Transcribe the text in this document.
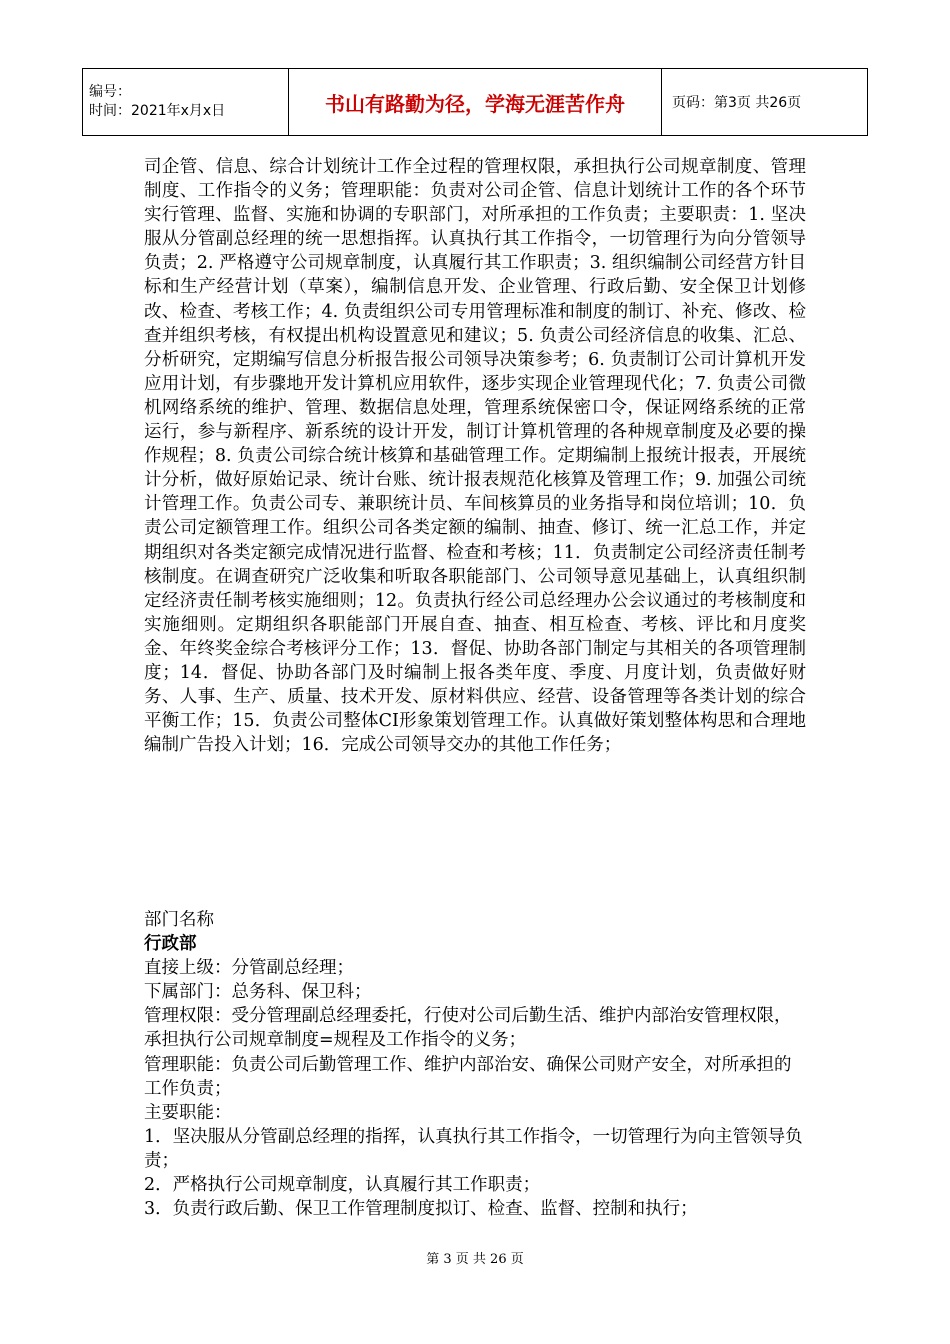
编号：
时间：2021年x月x日	书山有路勤为径，学海无涯苦作舟	页码：第3页 共26页

司企管、信息、综合计划统计工作全过程的管理权限，承担执行公司规章制度、管理制度、工作指令的义务；管理职能：负责对公司企管、信息计划统计工作的各个环节实行管理、监督、实施和协调的专职部门，对所承担的工作负责；主要职责：1. 坚决服从分管副总经理的统一思想指挥。认真执行其工作指令，一切管理行为向分管领导负责；2. 严格遵守公司规章制度，认真履行其工作职责；3. 组织编制公司经营方针目标和生产经营计划（草案），编制信息开发、企业管理、行政后勤、安全保卫计划修改、检查、考核工作；4. 负责组织公司专用管理标准和制度的制订、补充、修改、检查并组织考核，有权提出机构设置意见和建议；5. 负责公司经济信息的收集、汇总、分析研究，定期编写信息分析报告报公司领导决策参考；6. 负责制订公司计算机开发应用计划，有步骤地开发计算机应用软件，逐步实现企业管理现代化；7. 负责公司微机网络系统的维护、管理、数据信息处理，管理系统保密口令，保证网络系统的正常运行，参与新程序、新系统的设计开发，制订计算机管理的各种规章制度及必要的操作规程；8. 负责公司综合统计核算和基础管理工作。定期编制上报统计报表，开展统计分析，做好原始记录、统计台账、统计报表规范化核算及管理工作；9. 加强公司统计管理工作。负责公司专、兼职统计员、车间核算员的业务指导和岗位培训；10．负责公司定额管理工作。组织公司各类定额的编制、抽查、修订、统一汇总工作，并定期组织对各类定额完成情况进行监督、检查和考核；11．负责制定公司经济责任制考核制度。在调查研究广泛收集和听取各职能部门、公司领导意见基础上，认真组织制定经济责任制考核实施细则；12。负责执行经公司总经理办公会议通过的考核制度和实施细则。定期组织各职能部门开展自查、抽查、相互检查、考核、评比和月度奖金、年终奖金综合考核评分工作；13．督促、协助各部门制定与其相关的各项管理制度；14．督促、协助各部门及时编制上报各类年度、季度、月度计划，负责做好财务、人事、生产、质量、技术开发、原材料供应、经营、设备管理等各类计划的综合平衡工作；15．负责公司整体CI形象策划管理工作。认真做好策划整体构思和合理地编制广告投入计划；16．完成公司领导交办的其他工作任务；

部门名称

行政部

直接上级：分管副总经理；

下属部门：总务科、保卫科；

管理权限：受分管理副总经理委托，行使对公司后勤生活、维护内部治安管理权限，承担执行公司规章制度=规程及工作指令的义务；

管理职能：负责公司后勤管理工作、维护内部治安、确保公司财产安全，对所承担的工作负责；

主要职能：

1．坚决服从分管副总经理的指挥，认真执行其工作指令，一切管理行为向主管领导负责；

2．严格执行公司规章制度，认真履行其工作职责；

3．负责行政后勤、保卫工作管理制度拟订、检查、监督、控制和执行；

第 3 页 共 26 页
